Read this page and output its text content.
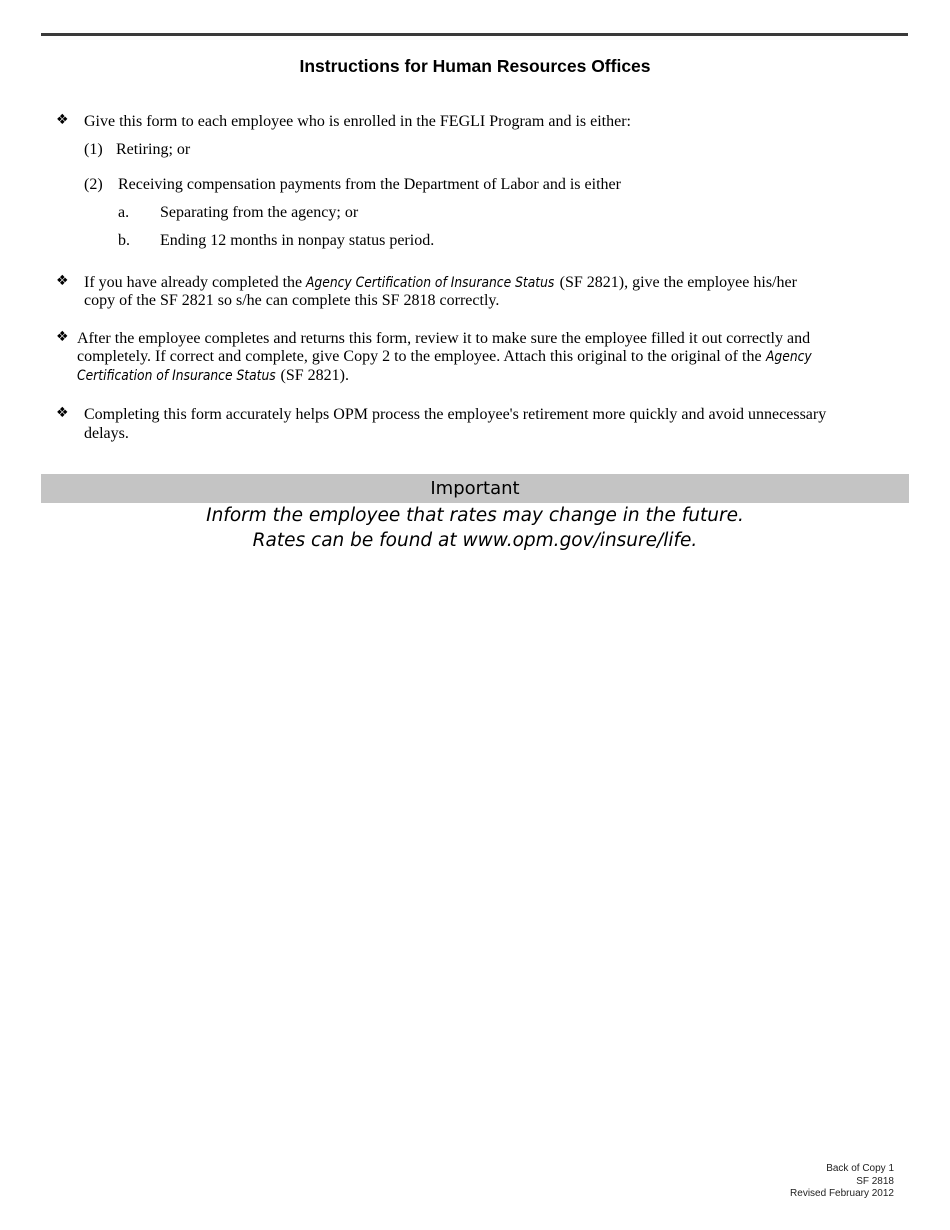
Instructions for Human Resources Offices
❖ Give this form to each employee who is enrolled in the FEGLI Program and is either:
(1) Retiring; or
(2) Receiving compensation payments from the Department of Labor and is either
a. Separating from the agency; or
b. Ending 12 months in nonpay status period.
❖ If you have already completed the Agency Certification of Insurance Status (SF 2821), give the employee his/her
copy of the SF 2821 so s/he can complete this SF 2818 correctly.
❖ After the employee completes and returns this form, review it to make sure the employee filled it out correctly and
completely. If correct and complete, give Copy 2 to the employee. Attach this original to the original of the Agency
Certification of Insurance Status (SF 2821).
❖ Completing this form accurately helps OPM process the employee's retirement more quickly and avoid unnecessary
delays.
Important
Inform the employee that rates may change in the future.
Rates can be found at www.opm.gov/insure/life.
Back of Copy 1
SF 2818
Revised February 2012
